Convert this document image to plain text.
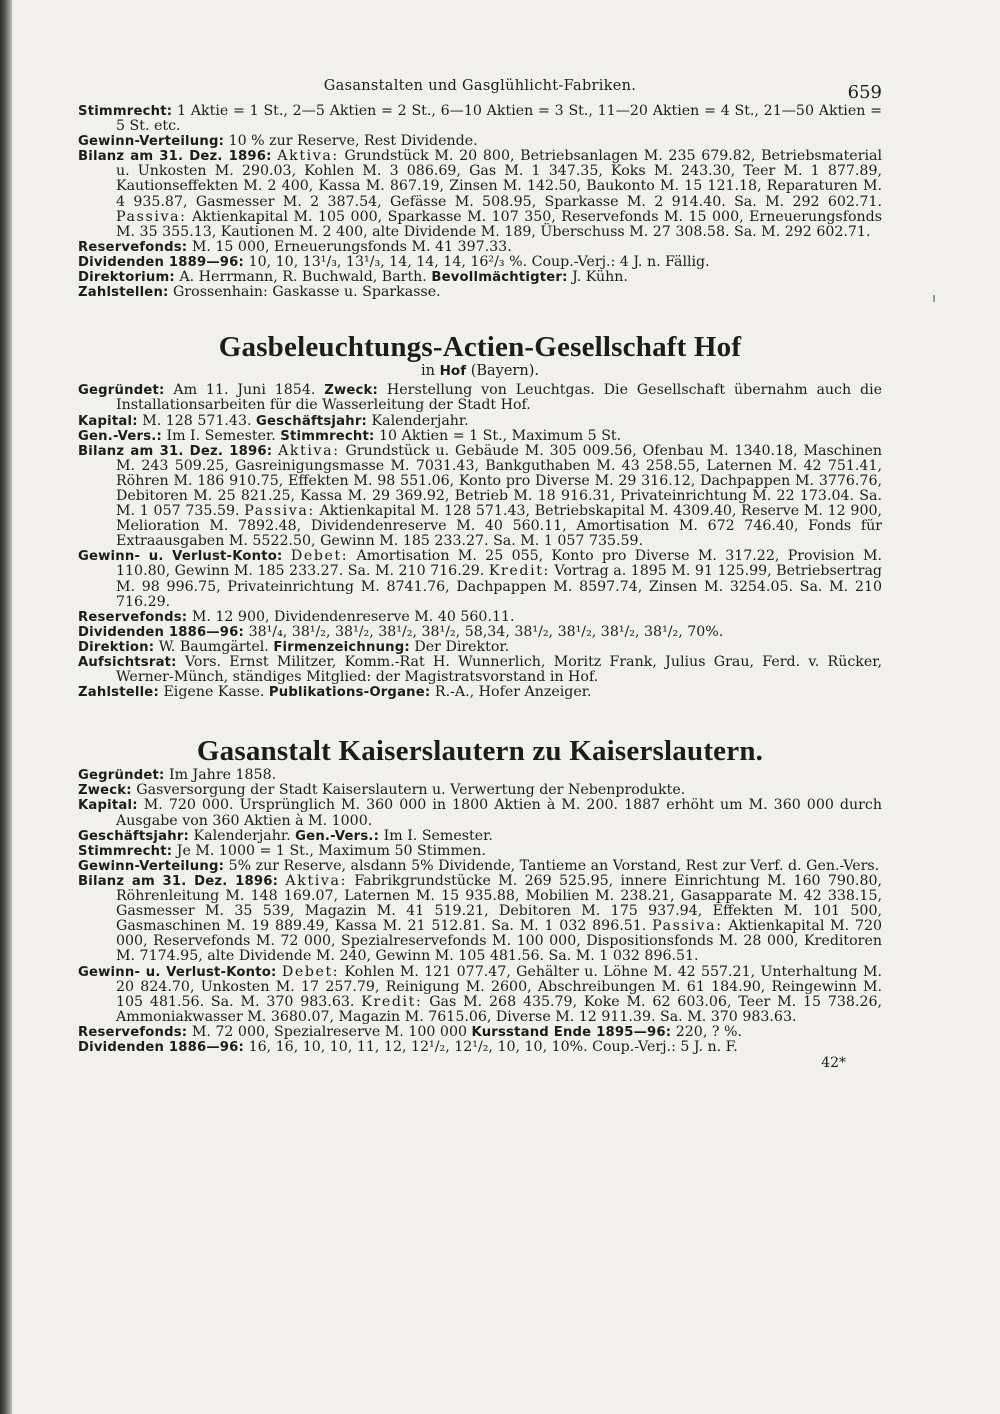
Gasanstalten und Gasglühlicht-Fabriken.	659

Stimmrecht: 1 Aktie = 1 St., 2—5 Aktien = 2 St., 6—10 Aktien = 3 St., 11—20 Aktien = 4 St., 21—50 Aktien = 5 St. etc.

Gewinn-Verteilung: 10 % zur Reserve, Rest Dividende.

Bilanz am 31. Dez. 1896: Aktiva: Grundstück M. 20 800, Betriebsanlagen M. 235 679.82, Betriebsmaterial u. Unkosten M. 290.03, Kohlen M. 3 086.69, Gas M. 1 347.35, Koks M. 243.30, Teer M. 1 877.89, Kautionseffekten M. 2 400, Kassa M. 867.19, Zinsen M. 142.50, Baukonto M. 15 121.18, Reparaturen M. 4 935.87, Gasmesser M. 2 387.54, Gefässe M. 508.95, Sparkasse M. 2 914.40. Sa. M. 292 602.71. Passiva: Aktienkapital M. 105 000, Sparkasse M. 107 350, Reservefonds M. 15 000, Erneuerungsfonds M. 35 355.13, Kautionen M. 2 400, alte Dividende M. 189, Überschuss M. 27 308.58. Sa. M. 292 602.71.

Reservefonds: M. 15 000, Erneuerungsfonds M. 41 397.33.

Dividenden 1889—96: 10, 10, 13¹/₃, 13¹/₃, 14, 14, 14, 16²/₃ %. Coup.-Verj.: 4 J. n. Fällig.

Direktorium: A. Herrmann, R. Buchwald, Barth. Bevollmächtigter: J. Kühn.

Zahlstellen: Grossenhain: Gaskasse u. Sparkasse.

Gasbeleuchtungs-Actien-Gesellschaft Hof

in Hof (Bayern).

Gegründet: Am 11. Juni 1854. Zweck: Herstellung von Leuchtgas. Die Gesellschaft übernahm auch die Installationsarbeiten für die Wasserleitung der Stadt Hof.

Kapital: M. 128 571.43. Geschäftsjahr: Kalenderjahr.

Gen.-Vers.: Im I. Semester. Stimmrecht: 10 Aktien = 1 St., Maximum 5 St.

Bilanz am 31. Dez. 1896: Aktiva: Grundstück u. Gebäude M. 305 009.56, Ofenbau M. 1340.18, Maschinen M. 243 509.25, Gasreinigungsmasse M. 7031.43, Bankguthaben M. 43 258.55, Laternen M. 42 751.41, Röhren M. 186 910.75, Effekten M. 98 551.06, Konto pro Diverse M. 29 316.12, Dachpappen M. 3776.76, Debitoren M. 25 821.25, Kassa M. 29 369.92, Betrieb M. 18 916.31, Privateinrichtung M. 22 173.04. Sa. M. 1 057 735.59. Passiva: Aktienkapital M. 128 571.43, Betriebskapital M. 4309.40, Reserve M. 12 900, Melioration M. 7892.48, Dividendenreserve M. 40 560.11, Amortisation M. 672 746.40, Fonds für Extraausgaben M. 5522.50, Gewinn M. 185 233.27. Sa. M. 1 057 735.59.

Gewinn- u. Verlust-Konto: Debet: Amortisation M. 25 055, Konto pro Diverse M. 317.22, Provision M. 110.80, Gewinn M. 185 233.27. Sa. M. 210 716.29. Kredit: Vortrag a. 1895 M. 91 125.99, Betriebsertrag M. 98 996.75, Privateinrichtung M. 8741.76, Dachpappen M. 8597.74, Zinsen M. 3254.05. Sa. M. 210 716.29.

Reservefonds: M. 12 900, Dividendenreserve M. 40 560.11.

Dividenden 1886—96: 38¹/₄, 38¹/₂, 38¹/₂, 38¹/₂, 38¹/₂, 58,34, 38¹/₂, 38¹/₂, 38¹/₂, 38¹/₂, 70%.

Direktion: W. Baumgärtel. Firmenzeichnung: Der Direktor.

Aufsichtsrat: Vors. Ernst Militzer, Komm.-Rat H. Wunnerlich, Moritz Frank, Julius Grau, Ferd. v. Rücker, Werner-Münch, ständiges Mitglied: der Magistratsvorstand in Hof.

Zahlstelle: Eigene Kasse. Publikations-Organe: R.-A., Hofer Anzeiger.

Gasanstalt Kaiserslautern zu Kaiserslautern.

Gegründet: Im Jahre 1858.

Zweck: Gasversorgung der Stadt Kaiserslautern u. Verwertung der Nebenprodukte.

Kapital: M. 720 000. Ursprünglich M. 360 000 in 1800 Aktien à M. 200. 1887 erhöht um M. 360 000 durch Ausgabe von 360 Aktien à M. 1000.

Geschäftsjahr: Kalenderjahr. Gen.-Vers.: Im I. Semester.

Stimmrecht: Je M. 1000 = 1 St., Maximum 50 Stimmen.

Gewinn-Verteilung: 5% zur Reserve, alsdann 5% Dividende, Tantieme an Vorstand, Rest zur Verf. d. Gen.-Vers.

Bilanz am 31. Dez. 1896: Aktiva: Fabrikgrundstücke M. 269 525.95, innere Einrichtung M. 160 790.80, Röhrenleitung M. 148 169.07, Laternen M. 15 935.88, Mobilien M. 238.21, Gasapparate M. 42 338.15, Gasmesser M. 35 539, Magazin M. 41 519.21, Debitoren M. 175 937.94, Effekten M. 101 500, Gasmaschinen M. 19 889.49, Kassa M. 21 512.81. Sa. M. 1 032 896.51. Passiva: Aktienkapital M. 720 000, Reservefonds M. 72 000, Spezialreservefonds M. 100 000, Dispositionsfonds M. 28 000, Kreditoren M. 7174.95, alte Dividende M. 240, Gewinn M. 105 481.56. Sa. M. 1 032 896.51.

Gewinn- u. Verlust-Konto: Debet: Kohlen M. 121 077.47, Gehälter u. Löhne M. 42 557.21, Unterhaltung M. 20 824.70, Unkosten M. 17 257.79, Reinigung M. 2600, Abschreibungen M. 61 184.90, Reingewinn M. 105 481.56. Sa. M. 370 983.63. Kredit: Gas M. 268 435.79, Koke M. 62 603.06, Teer M. 15 738.26, Ammoniakwasser M. 3680.07, Magazin M. 7615.06, Diverse M. 12 911.39. Sa. M. 370 983.63.

Reservefonds: M. 72 000, Spezialreserve M. 100 000 Kursstand Ende 1895—96: 220, ? %.

Dividenden 1886—96: 16, 16, 10, 10, 11, 12, 12¹/₂, 12¹/₂, 10, 10, 10%. Coup.-Verj.: 5 J. n. F.

42*
